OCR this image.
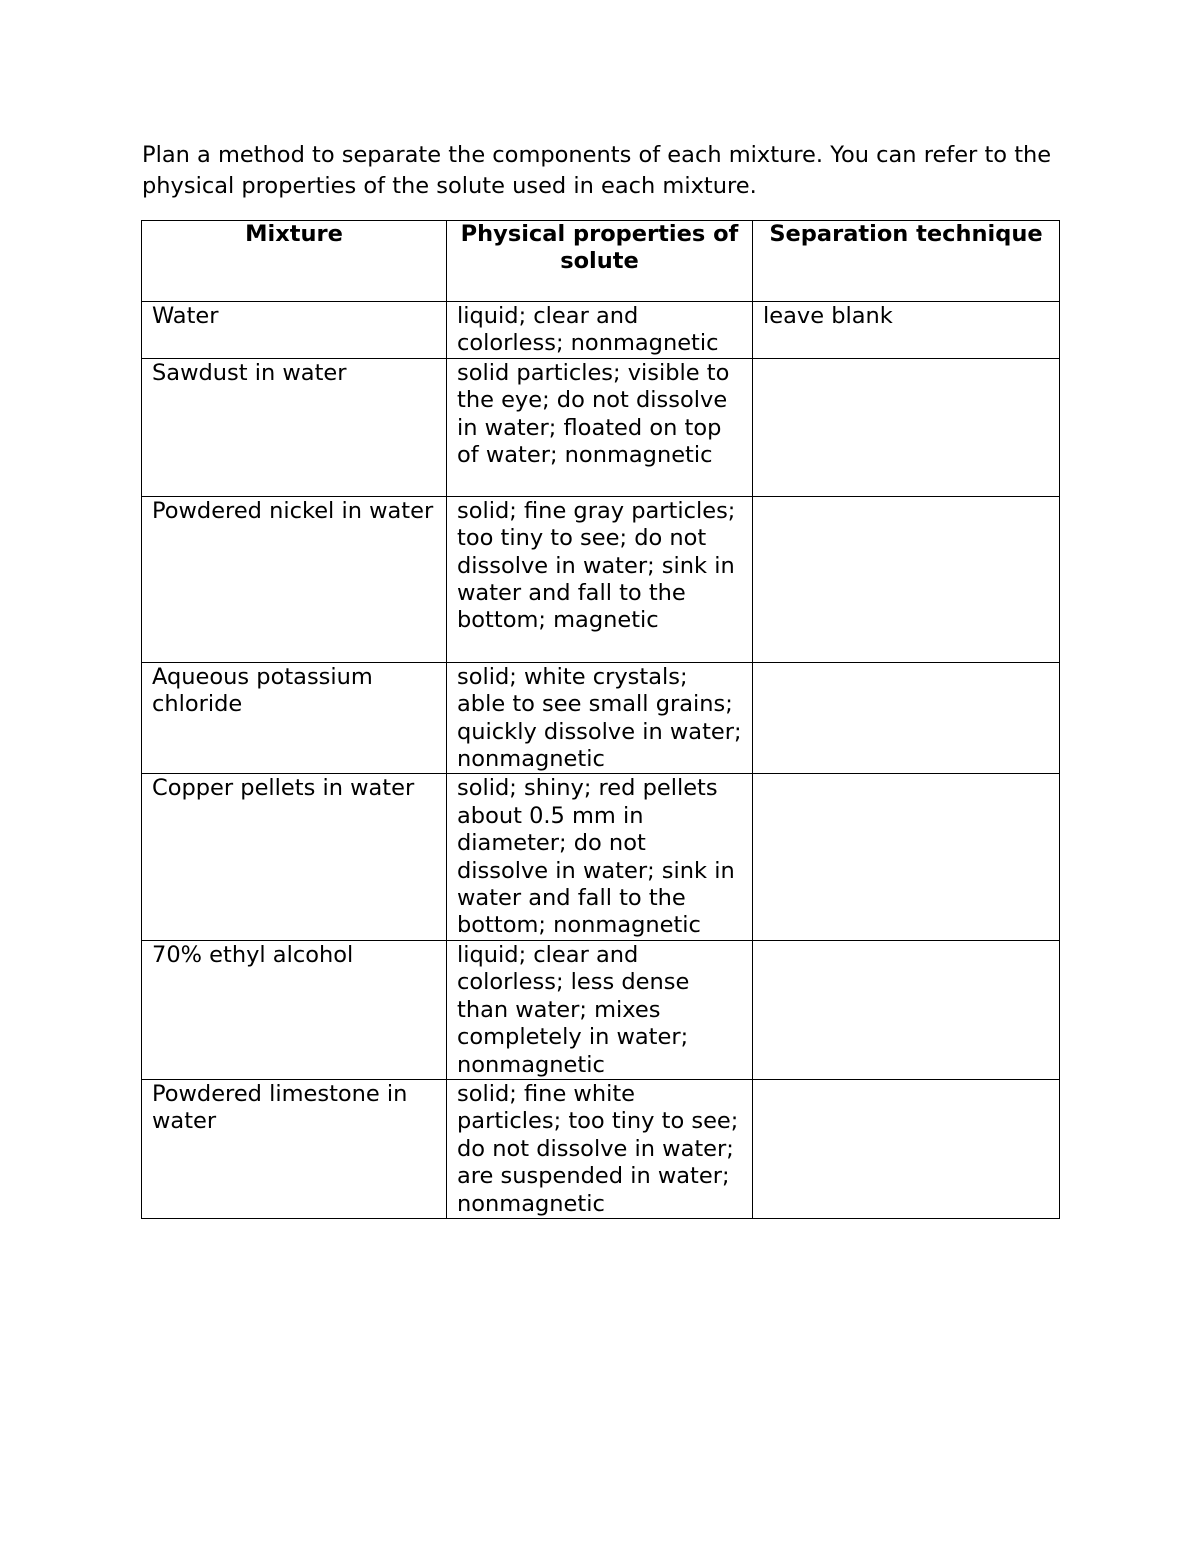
Plan a method to separate the components of each mixture. You can refer to the physical properties of the solute used in each mixture.

Mixture	Physical properties of solute	Separation technique
Water	liquid; clear and colorless; nonmagnetic	leave blank
Sawdust in water	solid particles; visible to the eye; do not dissolve in water; floated on top of water; nonmagnetic	
Powdered nickel in water	solid; fine gray particles; too tiny to see; do not dissolve in water; sink in water and fall to the bottom; magnetic	
Aqueous potassium chloride	solid; white crystals; able to see small grains; quickly dissolve in water; nonmagnetic	
Copper pellets in water	solid; shiny; red pellets about 0.5 mm in diameter; do not dissolve in water; sink in water and fall to the bottom; nonmagnetic	
70% ethyl alcohol	liquid; clear and colorless; less dense than water; mixes completely in water; nonmagnetic	
Powdered limestone in water	solid; fine white particles; too tiny to see; do not dissolve in water; are suspended in water; nonmagnetic	
